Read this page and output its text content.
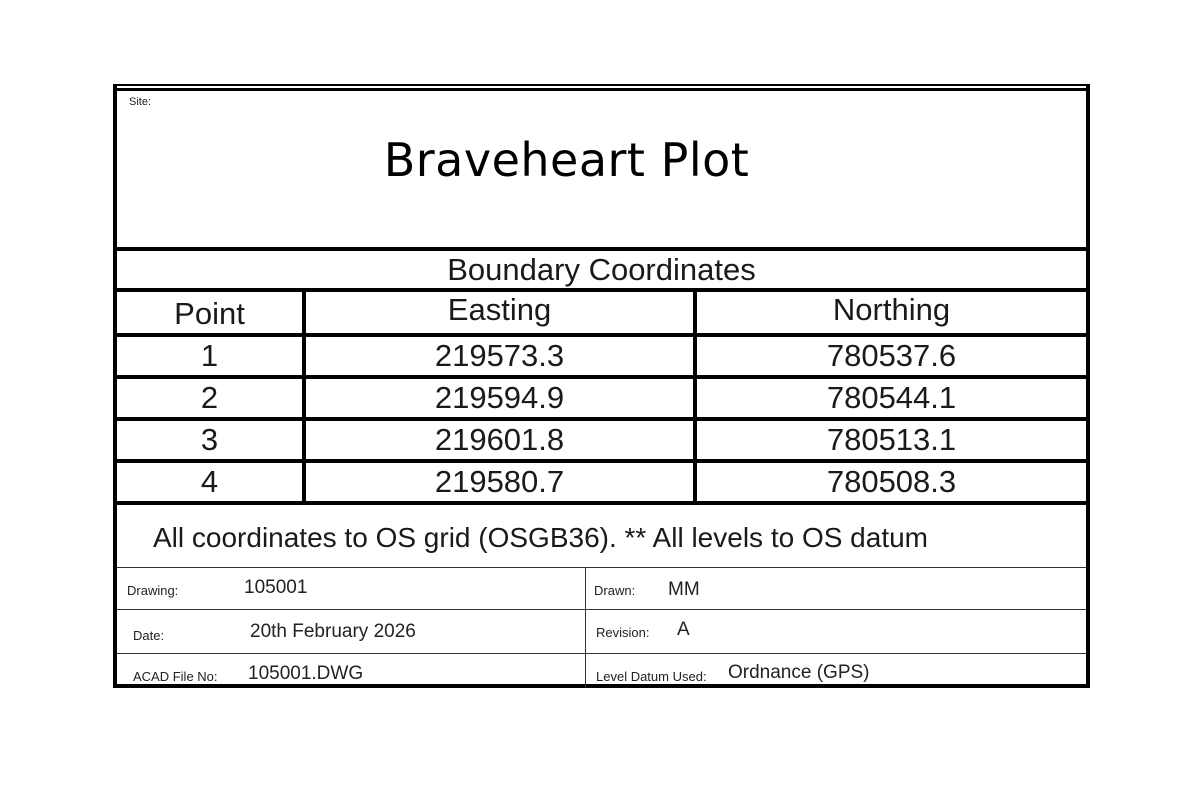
Site:
Braveheart Plot
Boundary Coordinates
Point	Easting	Northing
1	219573.3	780537.6
2	219594.9	780544.1
3	219601.8	780513.1
4	219580.7	780508.3
All coordinates to OS grid (OSGB36). ** All levels to OS datum
Drawing:	105001	Drawn: MM
Date:	20th February 2026	Revision: A
ACAD File No: 105001.DWG	Level Datum Used: Ordnance (GPS)
